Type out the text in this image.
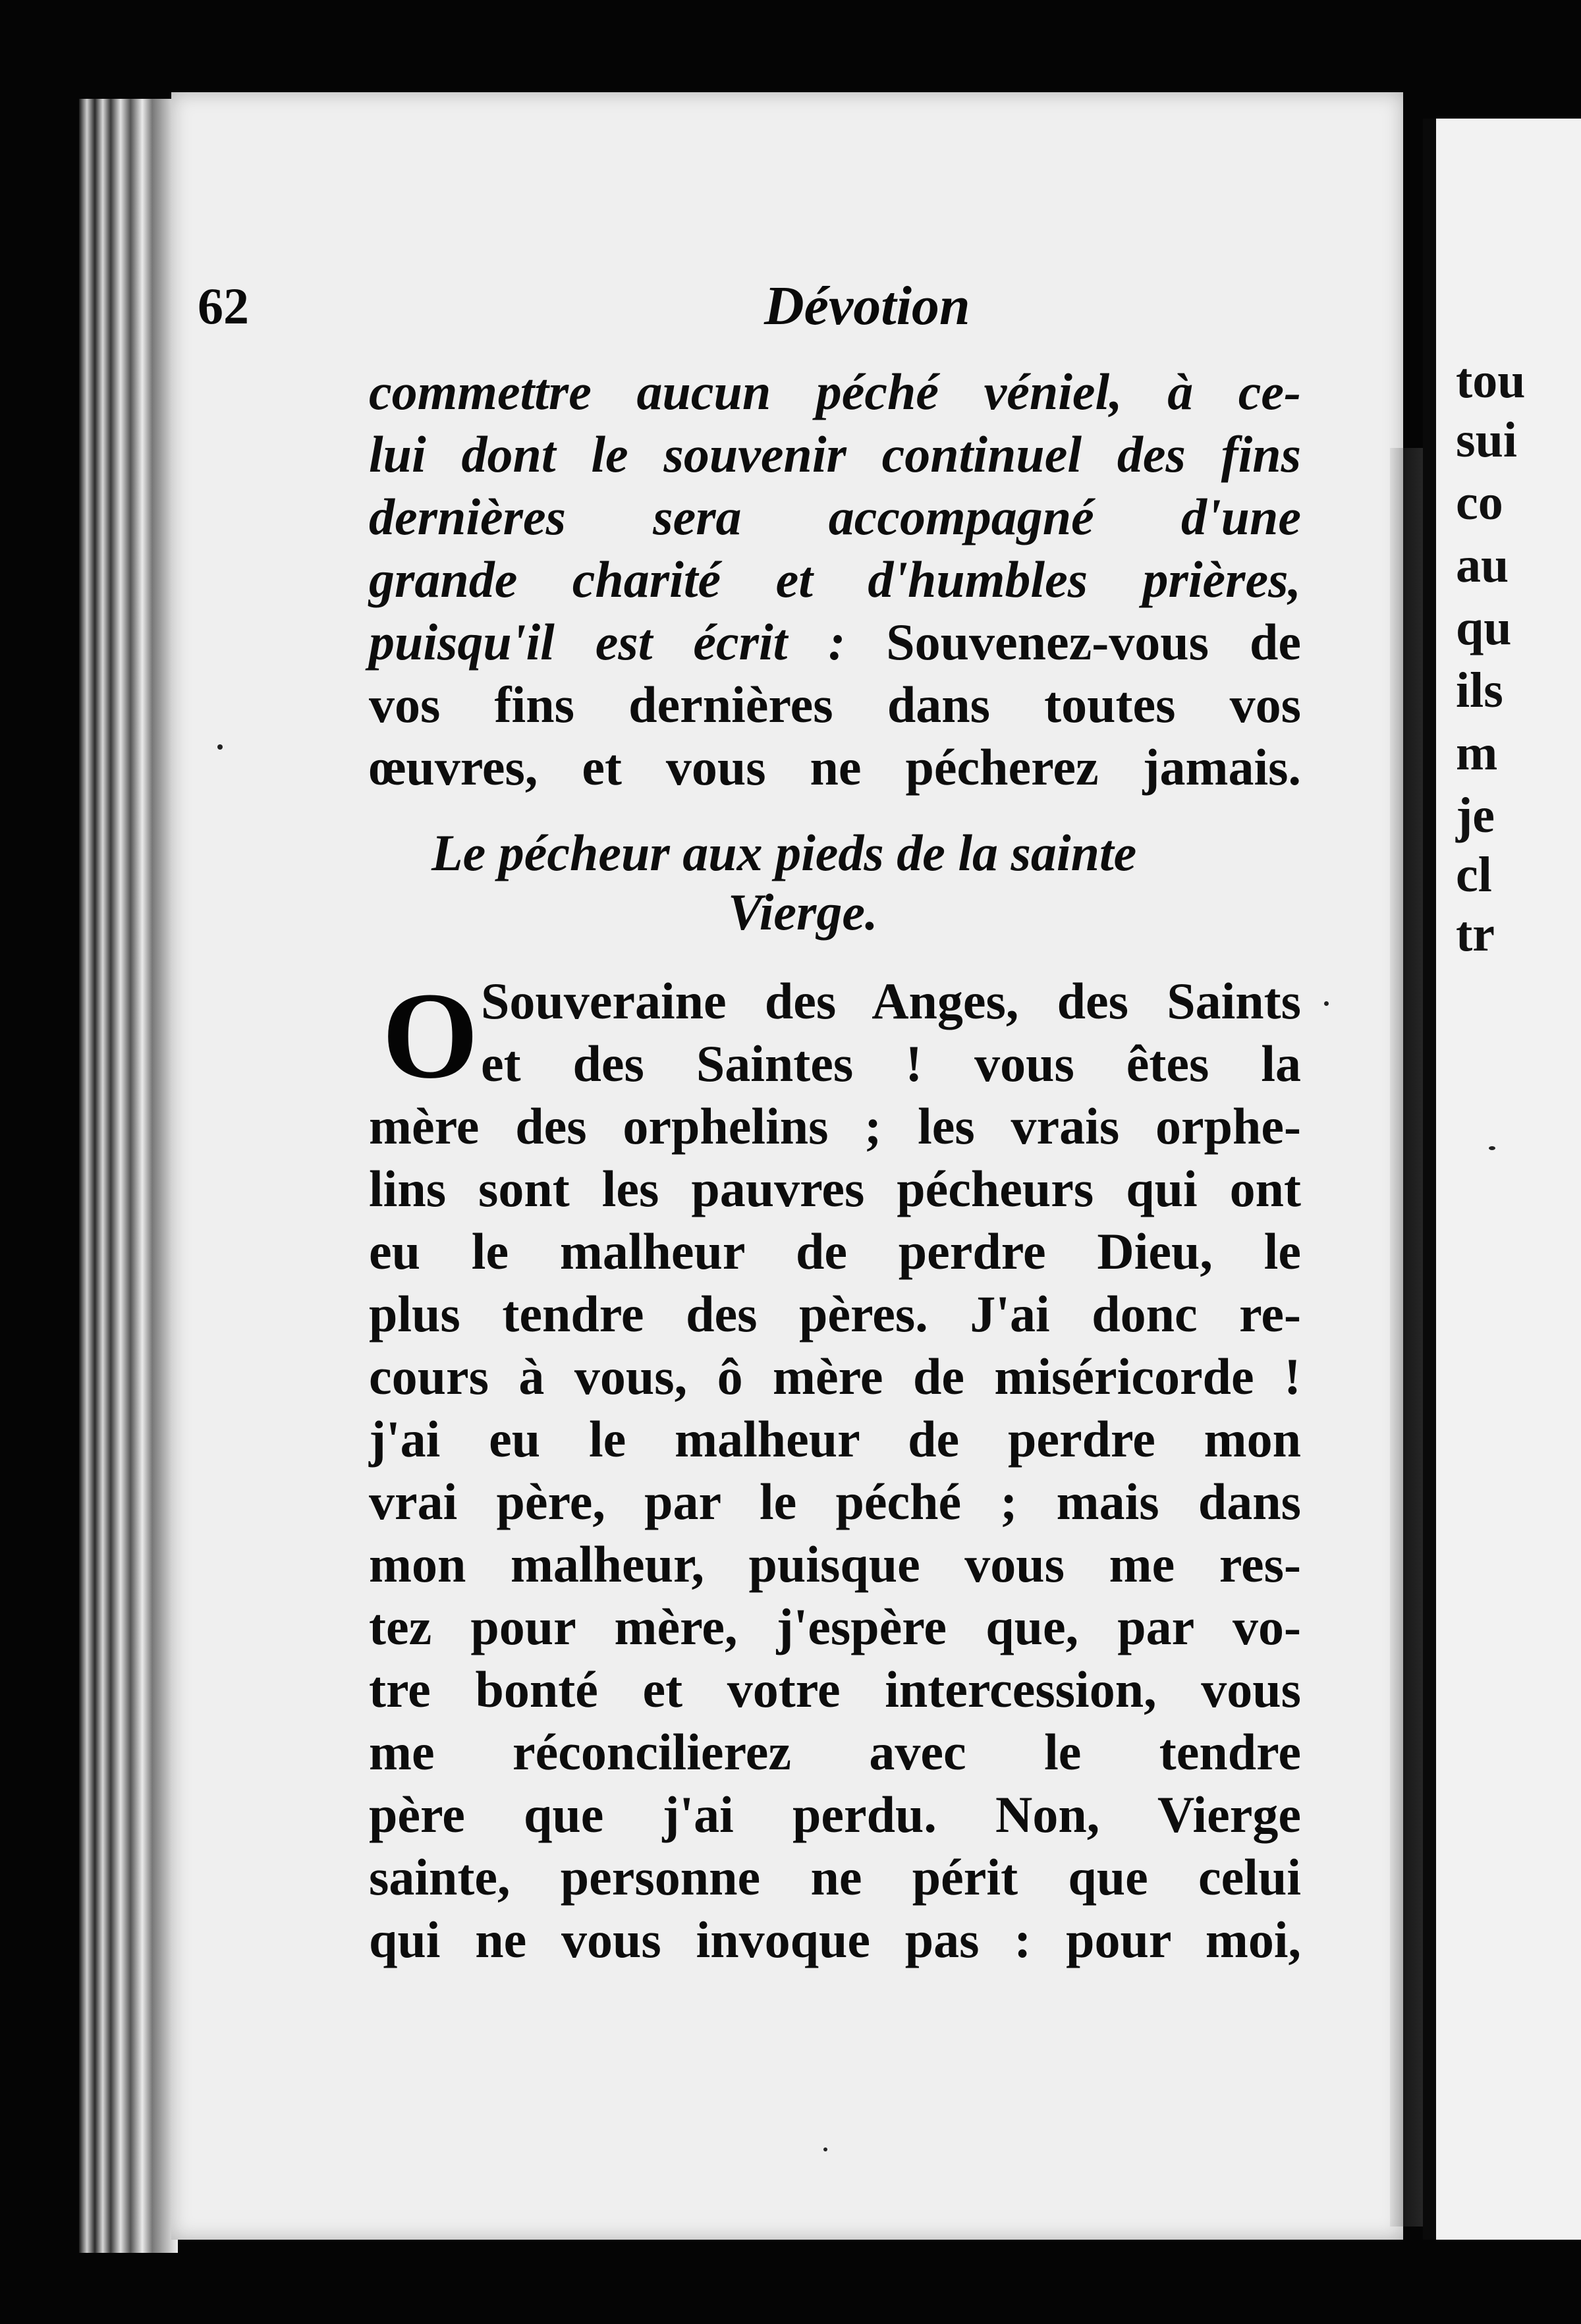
tou
sui
co
au
qu
ils
m
je
cl
tr
62	Dévotion
commettre aucun péché véniel, à ce-
lui dont le souvenir continuel des fins
dernières sera accompagné d'une
grande charité et d'humbles prières,
puisqu'il est écrit : Souvenez-vous de
vos fins dernières dans toutes vos
œuvres, et vous ne pécherez jamais.
Le pécheur aux pieds de la sainte
Vierge.
Souveraine des Anges, des Saints
et des Saintes ! vous êtes la
mère des orphelins ; les vrais orphe-
lins sont les pauvres pécheurs qui ont
eu le malheur de perdre Dieu, le
plus tendre des pères. J'ai donc re-
cours à vous, ô mère de miséricorde !
j'ai eu le malheur de perdre mon
vrai père, par le péché ; mais dans
mon malheur, puisque vous me res-
tez pour mère, j'espère que, par vo-
tre bonté et votre intercession, vous
me réconcilierez avec le tendre
père que j'ai perdu. Non, Vierge
sainte, personne ne périt que celui
qui ne vous invoque pas : pour moi,
O
